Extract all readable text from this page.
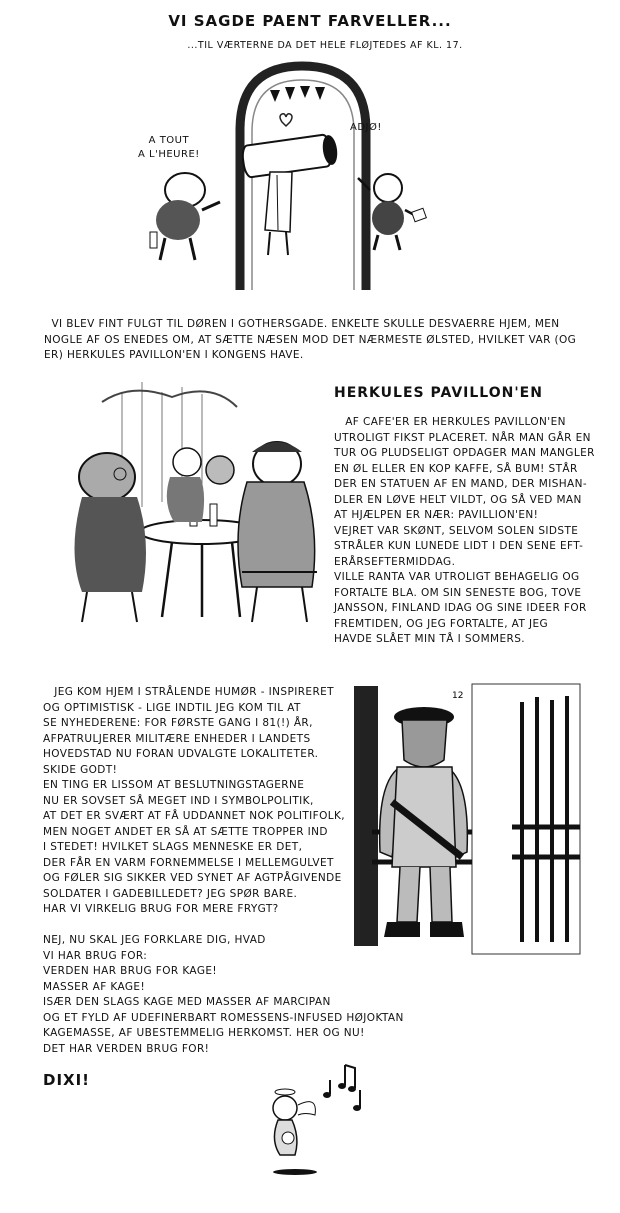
VI SAGDE PAENT FARVELLER...
...TIL VÆRTERNE DA DET HELE FLØJTEDES AF KL. 17.
A TOUT
A L'HEURE!
ADJØ!
VI BLEV FINT FULGT TIL DØREN I GOTHERSGADE. ENKELTE SKULLE DESVAERRE HJEM, MEN
NOGLE AF OS ENEDES OM, AT SÆTTE NÆSEN MOD DET NÆRMESTE ØLSTED, HVILKET VAR (OG
ER) HERKULES PAVILLON'EN I KONGENS HAVE.
HERKULES PAVILLON'EN
AF CAFE'ER ER HERKULES PAVILLON'EN
UTROLIGT FIKST PLACERET. NÅR MAN GÅR EN
TUR OG PLUDSELIGT OPDAGER MAN MANGLER
EN ØL ELLER EN KOP KAFFE, SÅ BUM! STÅR
DER EN STATUEN AF EN MAND, DER MISHAN-
DLER EN LØVE HELT VILDT, OG SÅ VED MAN
AT HJÆLPEN ER NÆR: PAVILLION'EN!
VEJRET VAR SKØNT, SELVOM SOLEN SIDSTE
STRÅLER KUN LUNEDE LIDT I DEN SENE EFT-
ERÅRSEFTERMIDDAG.
VILLE RANTA VAR UTROLIGT BEHAGELIG OG
FORTALTE BLA. OM SIN SENESTE BOG, TOVE
JANSSON, FINLAND IDAG OG SINE IDEER FOR
FREMTIDEN, OG JEG FORTALTE, AT JEG
HAVDE SLÅET MIN TÅ I SOMMERS.
JEG KOM HJEM I STRÅLENDE HUMØR - INSPIRERET
OG OPTIMISTISK - LIGE INDTIL JEG KOM TIL AT
SE NYHEDERENE: FOR FØRSTE GANG I 81(!) ÅR,
AFPATRULJERER MILITÆRE ENHEDER I LANDETS
HOVEDSTAD NU FORAN UDVALGTE LOKALITETER.
SKIDE GODT!
EN TING ER LISSOM AT BESLUTNINGSTAGERNE
NU ER SOVSET SÅ MEGET IND I SYMBOLPOLITIK,
AT DET ER SVÆRT AT FÅ UDDANNET NOK POLITIFOLK,
MEN NOGET ANDET ER SÅ AT SÆTTE TROPPER IND
I STEDET! HVILKET SLAGS MENNESKE ER DET,
DER FÅR EN VARM FORNEMMELSE I MELLEMGULVET
OG FØLER SIG SIKKER VED SYNET AF AGTPÅGIVENDE
SOLDATER I GADEBILLEDET? JEG SPØR BARE.
HAR VI VIRKELIG BRUG FOR MERE FRYGT?

NEJ, NU SKAL JEG FORKLARE DIG, HVAD
VI HAR BRUG FOR:
VERDEN HAR BRUG FOR KAGE!
MASSER AF KAGE!
ISÆR DEN SLAGS KAGE MED MASSER AF MARCIPAN
OG ET FYLD AF UDEFINERBART ROMESSENS-INFUSED HØJOKTAN
KAGEMASSE, AF UBESTEMMELIG HERKOMST. HER OG NU!
DET HAR VERDEN BRUG FOR!
12
DIXI!
